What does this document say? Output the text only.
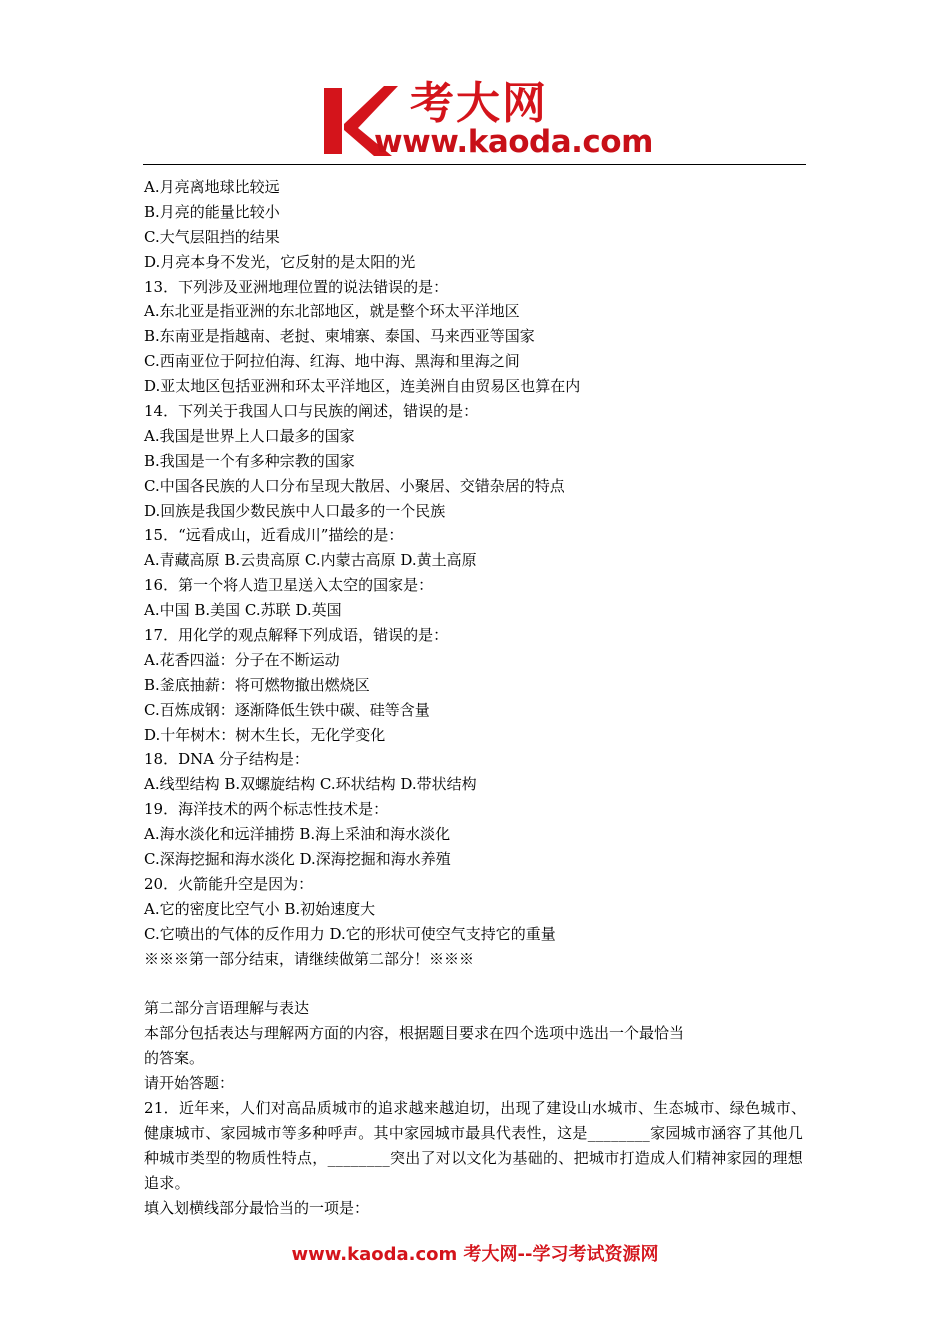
考大网
www.kaoda.com
A.月亮离地球比较远
B.月亮的能量比较小
C.大气层阻挡的结果
D.月亮本身不发光，它反射的是太阳的光
13．下列涉及亚洲地理位置的说法错误的是：
A.东北亚是指亚洲的东北部地区，就是整个环太平洋地区
B.东南亚是指越南、老挝、柬埔寨、泰国、马来西亚等国家
C.西南亚位于阿拉伯海、红海、地中海、黑海和里海之间
D.亚太地区包括亚洲和环太平洋地区，连美洲自由贸易区也算在内
14．下列关于我国人口与民族的阐述，错误的是：
A.我国是世界上人口最多的国家
B.我国是一个有多种宗教的国家
C.中国各民族的人口分布呈现大散居、小聚居、交错杂居的特点
D.回族是我国少数民族中人口最多的一个民族
15．“远看成山，近看成川”描绘的是：
A.青藏高原 B.云贵高原 C.内蒙古高原 D.黄土高原
16．第一个将人造卫星送入太空的国家是：
A.中国 B.美国 C.苏联 D.英国
17．用化学的观点解释下列成语，错误的是：
A.花香四溢：分子在不断运动
B.釜底抽薪：将可燃物撤出燃烧区
C.百炼成钢：逐渐降低生铁中碳、硅等含量
D.十年树木：树木生长，无化学变化
18．DNA 分子结构是：
A.线型结构 B.双螺旋结构 C.环状结构 D.带状结构
19．海洋技术的两个标志性技术是：
A.海水淡化和远洋捕捞 B.海上采油和海水淡化
C.深海挖掘和海水淡化 D.深海挖掘和海水养殖
20．火箭能升空是因为：
A.它的密度比空气小 B.初始速度大
C.它喷出的气体的反作用力 D.它的形状可使空气支持它的重量
※※※第一部分结束，请继续做第二部分！※※※
第二部分言语理解与表达
本部分包括表达与理解两方面的内容，根据题目要求在四个选项中选出一个最恰当
的答案。
请开始答题：
21．近年来，人们对高品质城市的追求越来越迫切，出现了建设山水城市、生态城市、绿色城市、健康城市、家园城市等多种呼声。其中家园城市最具代表性，这是________家园城市涵容了其他几种城市类型的物质性特点，________突出了对以文化为基础的、把城市打造成人们精神家园的理想追求。
填入划横线部分最恰当的一项是：
www.kaoda.com 考大网--学习考试资源网
